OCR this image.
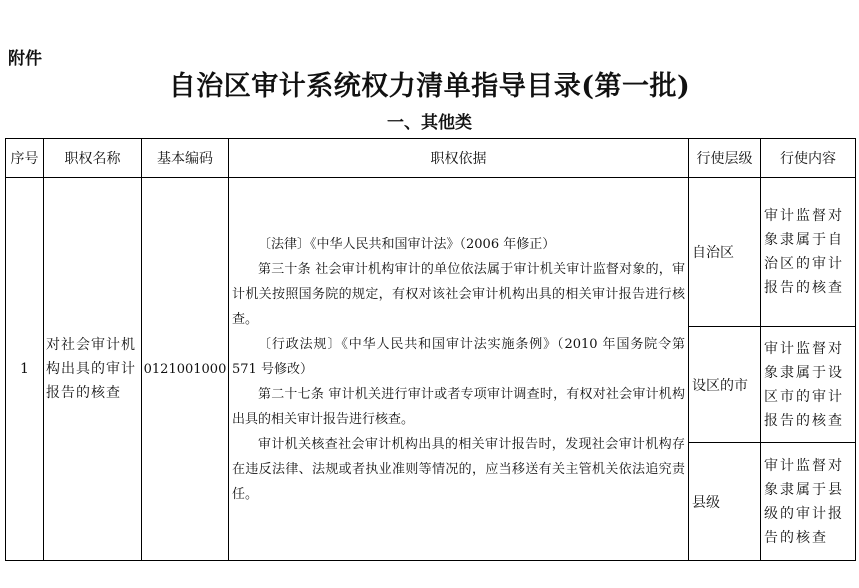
附件
自治区审计系统权力清单指导目录(第一批)
一、其他类
序号	职权名称	基本编码	职权依据	行使层级	行使内容
1	对社会审计机构出具的审计报告的核查	0121001000	〔法律〕《中华人民共和国审计法》（2006 年修正）

第三十条 社会审计机构审计的单位依法属于审计机关审计监督对象的，审计机关按照国务院的规定，有权对该社会审计机构出具的相关审计报告进行核查。

〔行政法规〕《中华人民共和国审计法实施条例》（2010 年国务院令第 571 号修改）

第二十七条 审计机关进行审计或者专项审计调查时，有权对社会审计机构出具的相关审计报告进行核查。

审计机关核查社会审计机构出具的相关审计报告时，发现社会审计机构存在违反法律、法规或者执业准则等情况的，应当移送有关主管机关依法追究责任。	自治区	审计监督对象隶属于自治区的审计报告的核查
				设区的市	审计监督对象隶属于设区市的审计报告的核查
				县级	审计监督对象隶属于县级的审计报告的核查
